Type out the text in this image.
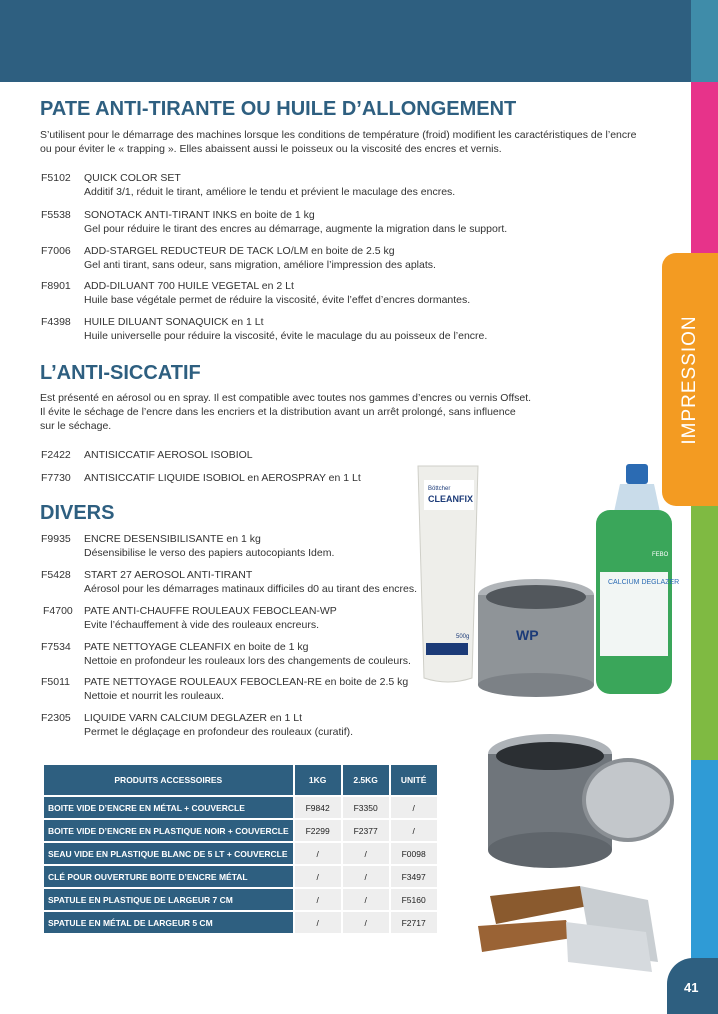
IMPRESSION
41
PATE ANTI-TIRANTE OU HUILE D’ALLONGEMENT

S’utilisent pour le démarrage des machines lorsque les conditions de température (froid) modifient les caractéristiques de l’encre
ou pour éviter le « trapping ». Elles abaissent aussi le poisseux ou la viscosité des encres et vernis.

F5102 QUICK COLOR SET
Additif 3/1, réduit le tirant, améliore le tendu et prévient le maculage des encres.
F5538 SONOTACK ANTI-TIRANT INKS en boite de 1 kg
Gel pour réduire le tirant des encres au démarrage, augmente la migration dans le support.
F7006 ADD-STARGEL REDUCTEUR DE TACK LO/LM en boite de 2.5 kg
Gel anti tirant, sans odeur, sans migration, améliore l’impression des aplats.
F8901 ADD-DILUANT 700 HUILE VEGETAL en 2 Lt
Huile base végétale permet de réduire la viscosité, évite l’effet d’encres dormantes.
F4398 HUILE DILUANT SONAQUICK en 1 Lt
Huile universelle pour réduire la viscosité, évite le maculage du au poisseux de l’encre.
L’ANTI-SICCATIF

Est présenté en aérosol ou en spray. Il est compatible avec toutes nos gammes d’encres ou vernis Offset.
Il évite le séchage de l’encre dans les encriers et la distribution avant un arrêt prolongé, sans influence
sur le séchage.

F2422 ANTISICCATIF AEROSOL ISOBIOL
F7730 ANTISICCATIF LIQUIDE ISOBIOL en AEROSPRAY en 1 Lt
DIVERS
F9935 ENCRE DESENSIBILISANTE en 1 kg
Désensibilise le verso des papiers autocopiants Idem.
F5428 START 27 AEROSOL ANTI-TIRANT
Aérosol pour les démarrages matinaux difficiles d0 au tirant des encres.
F4700 PATE ANTI-CHAUFFE ROULEAUX FEBOCLEAN-WP
Evite l’échauffement à vide des rouleaux encreurs.
F7534 PATE NETTOYAGE CLEANFIX en boite de 1 kg
Nettoie en profondeur les rouleaux lors des changements de couleurs.
F5011 PATE NETTOYAGE ROULEAUX FEBOCLEAN-RE en boite de 2.5 kg
Nettoie et nourrit les rouleaux.
F2305 LIQUIDE VARN CALCIUM DEGLAZER en 1 Lt
Permet le déglaçage en profondeur des rouleaux (curatif).
CALCIUM DEGLAZER
FEBO
WP
Böttcher
CLEANFIX
500g
PRODUITS ACCESSOIRES	1KG	2.5KG	UNITÉ
BOITE VIDE D’ENCRE EN MÉTAL + COUVERCLE	F9842	F3350	/
BOITE VIDE D’ENCRE EN PLASTIQUE NOIR + COUVERCLE	F2299	F2377	/
SEAU VIDE EN PLASTIQUE BLANC DE 5 LT + COUVERCLE	/	/	F0098
CLÉ POUR OUVERTURE BOITE D’ENCRE MÉTAL	/	/	F3497
SPATULE EN PLASTIQUE DE LARGEUR 7 CM	/	/	F5160
SPATULE EN MÉTAL DE LARGEUR 5 CM	/	/	F2717
